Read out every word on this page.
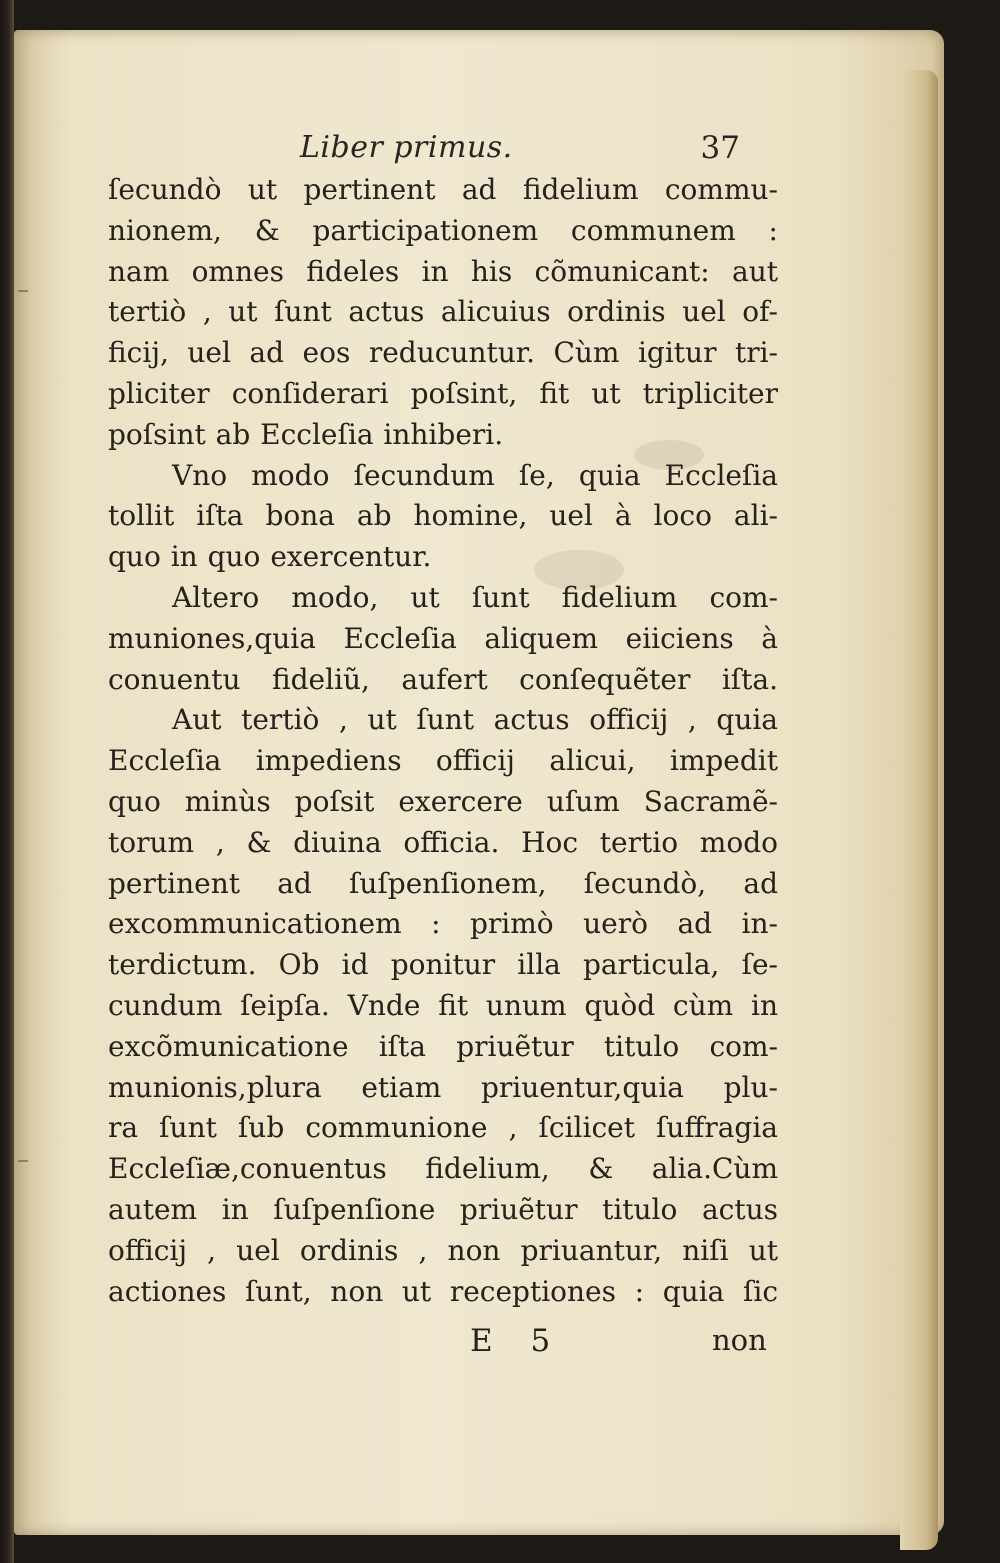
Liber primus.	37
ſecundò ut pertinent ad fidelium commu-
nionem, & participationem communem :
nam omnes fideles in his cõmunicant: aut
tertiò , ut ſunt actus alicuius ordinis uel of-
ficij, uel ad eos reducuntur. Cùm igitur tri-
pliciter conſiderari poſsint, fit ut tripliciter
poſsint ab Eccleſia inhiberi.
Vno modo ſecundum ſe, quia Eccleſia
tollit iſta bona ab homine, uel à loco ali-
quo in quo exercentur.
Altero modo, ut ſunt fidelium com-
muniones,quia Eccleſia aliquem eiiciens à
conuentu fideliũ, aufert conſequẽter iſta.
Aut tertiò , ut ſunt actus officij , quia
Eccleſia impediens officij alicui, impedit
quo minùs poſsit exercere uſum Sacramẽ-
torum , & diuina officia. Hoc tertio modo
pertinent ad ſuſpenſionem, ſecundò, ad
excommunicationem : primò uerò ad in-
terdictum. Ob id ponitur illa particula, ſe-
cundum ſeipſa. Vnde fit unum quòd cùm in
excõmunicatione iſta priuẽtur titulo com-
munionis,plura etiam priuentur,quia plu-
ra ſunt ſub communione , ſcilicet ſuffragia
Eccleſiæ,conuentus fidelium, & alia.Cùm
autem in ſuſpenſione priuẽtur titulo actus
officij , uel ordinis , non priuantur, niſi ut
actiones ſunt, non ut receptiones : quia ſic
E 5	non
